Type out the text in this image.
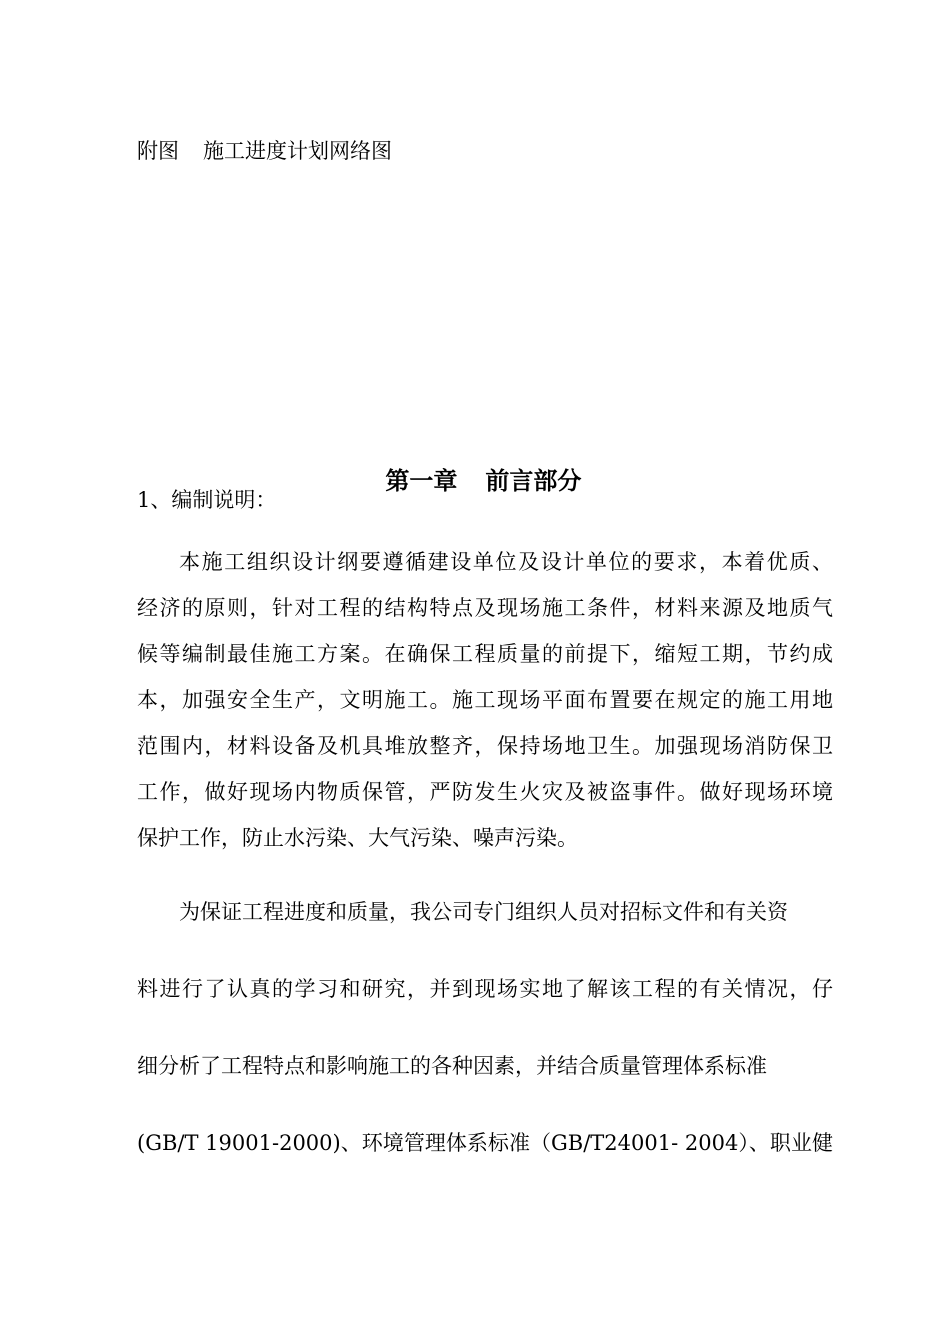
附图 施工进度计划网络图

第一章 前言部分

1、编制说明：
本施工组织设计纲要遵循建设单位及设计单位的要求，本着优质、
经济的原则，针对工程的结构特点及现场施工条件，材料来源及地质气
候等编制最佳施工方案。在确保工程质量的前提下，缩短工期，节约成
本，加强安全生产，文明施工。施工现场平面布置要在规定的施工用地
范围内，材料设备及机具堆放整齐，保持场地卫生。加强现场消防保卫
工作，做好现场内物质保管，严防发生火灾及被盗事件。做好现场环境
保护工作，防止水污染、大气污染、噪声污染。
为保证工程进度和质量，我公司专门组织人员对招标文件和有关资
料进行了认真的学习和研究，并到现场实地了解该工程的有关情况，仔
细分析了工程特点和影响施工的各种因素，并结合质量管理体系标准
(GB/T 19001-2000)、环境管理体系标准（GB/T24001- 2004）、职业健
